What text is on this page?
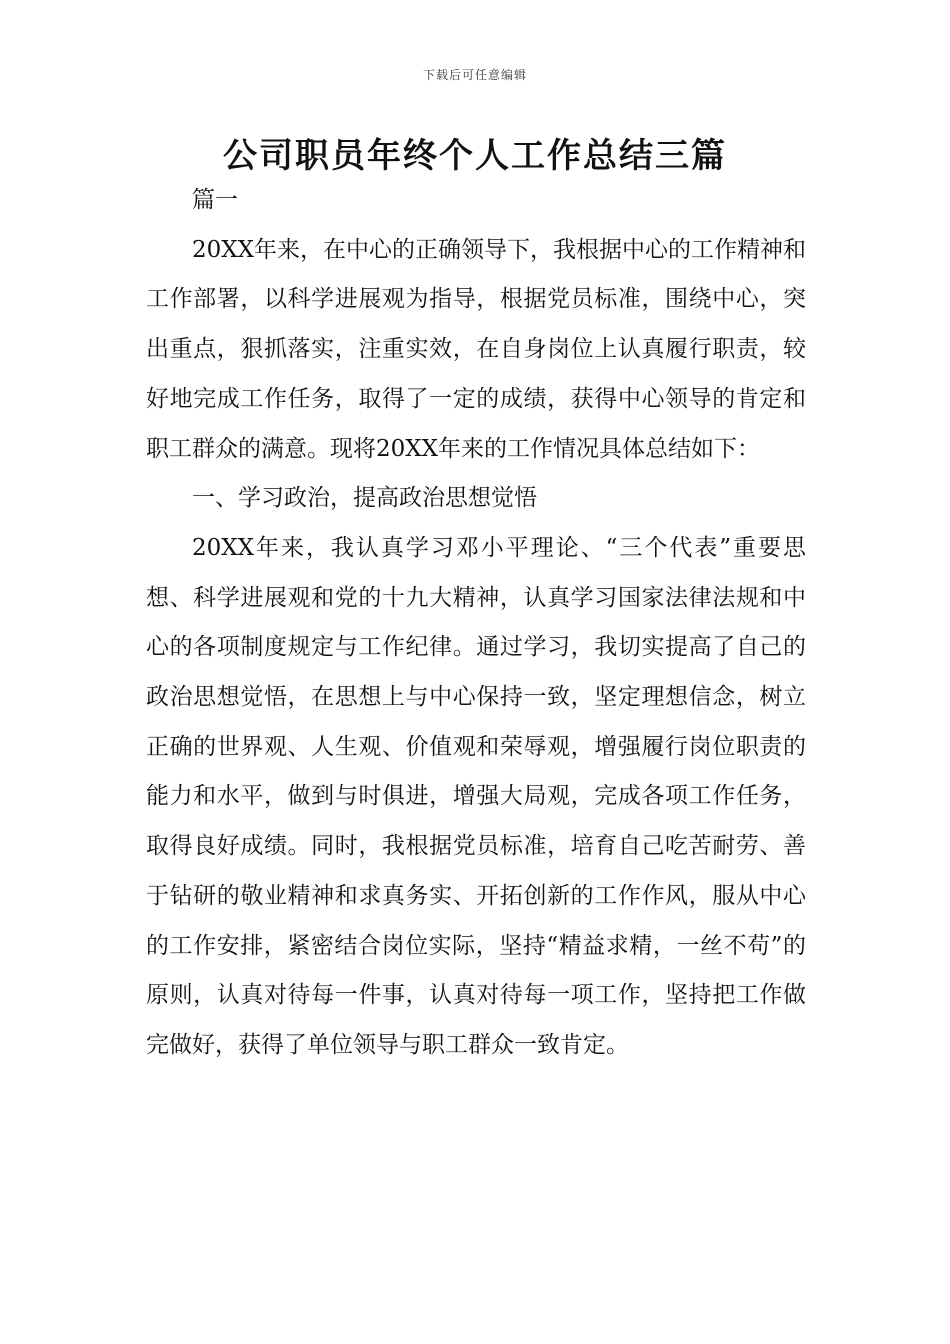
下载后可任意编辑
公司职员年终个人工作总结三篇

篇一

20XX年来，在中心的正确领导下，我根据中心的工作精神和工作部署，以科学进展观为指导，根据党员标准，围绕中心，突出重点，狠抓落实，注重实效，在自身岗位上认真履行职责，较好地完成工作任务，取得了一定的成绩，获得中心领导的肯定和职工群众的满意。现将20XX年来的工作情况具体总结如下：

一、学习政治，提高政治思想觉悟

20XX年来，我认真学习邓小平理论、“三个代表”重要思想、科学进展观和党的十九大精神，认真学习国家法律法规和中心的各项制度规定与工作纪律。通过学习，我切实提高了自己的政治思想觉悟，在思想上与中心保持一致，坚定理想信念，树立正确的世界观、人生观、价值观和荣辱观，增强履行岗位职责的能力和水平，做到与时俱进，增强大局观，完成各项工作任务，取得良好成绩。同时，我根据党员标准，培育自己吃苦耐劳、善于钻研的敬业精神和求真务实、开拓创新的工作作风，服从中心的工作安排，紧密结合岗位实际，坚持“精益求精，一丝不苟”的原则，认真对待每一件事，认真对待每一项工作，坚持把工作做完做好，获得了单位领导与职工群众一致肯定。
